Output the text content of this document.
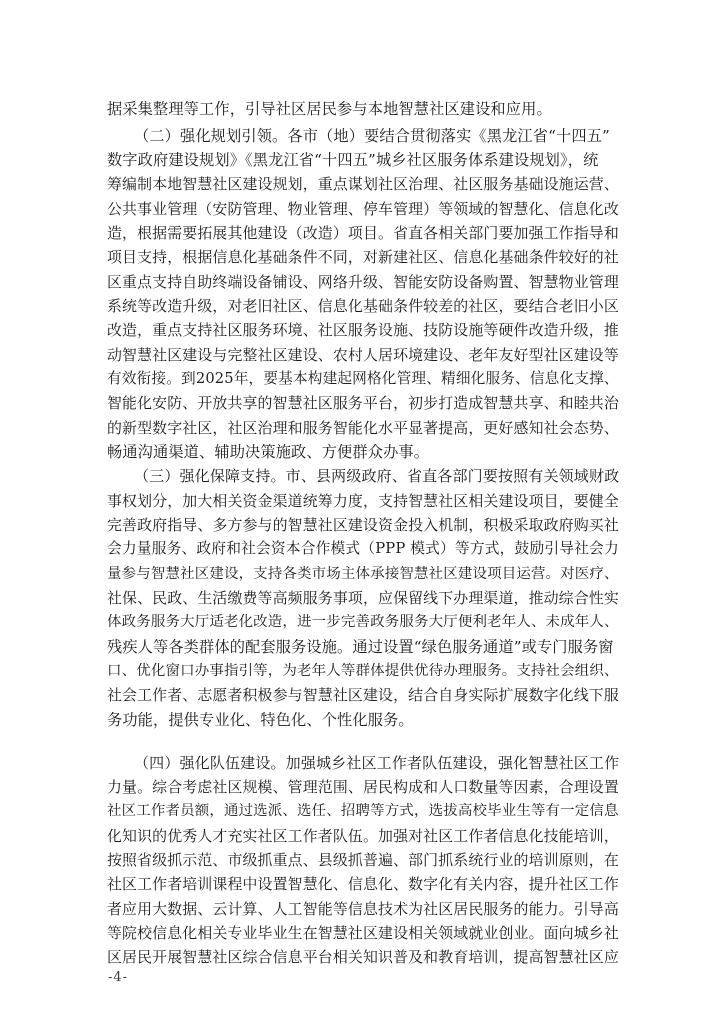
据采集整理等工作，引导社区居民参与本地智慧社区建设和应用。
（二）强化规划引领。各市（地）要结合贯彻落实《黑龙江省“十四五”
数字政府建设规划》《黑龙江省“十四五”城乡社区服务体系建设规划》，统
筹编制本地智慧社区建设规划，重点谋划社区治理、社区服务基础设施运营、
公共事业管理（安防管理、物业管理、停车管理）等领域的智慧化、信息化改
造，根据需要拓展其他建设（改造）项目。省直各相关部门要加强工作指导和
项目支持，根据信息化基础条件不同，对新建社区、信息化基础条件较好的社
区重点支持自助终端设备铺设、网络升级、智能安防设备购置、智慧物业管理
系统等改造升级，对老旧社区、信息化基础条件较差的社区，要结合老旧小区
改造，重点支持社区服务环境、社区服务设施、技防设施等硬件改造升级，推
动智慧社区建设与完整社区建设、农村人居环境建设、老年友好型社区建设等
有效衔接。到2025年，要基本构建起网格化管理、精细化服务、信息化支撑、
智能化安防、开放共享的智慧社区服务平台，初步打造成智慧共享、和睦共治
的新型数字社区，社区治理和服务智能化水平显著提高，更好感知社会态势、
畅通沟通渠道、辅助决策施政、方便群众办事。
（三）强化保障支持。市、县两级政府、省直各部门要按照有关领域财政
事权划分，加大相关资金渠道统筹力度，支持智慧社区相关建设项目，要健全
完善政府指导、多方参与的智慧社区建设资金投入机制，积极采取政府购买社
会力量服务、政府和社会资本合作模式（PPP 模式）等方式，鼓励引导社会力
量参与智慧社区建设，支持各类市场主体承接智慧社区建设项目运营。对医疗、
社保、民政、生活缴费等高频服务事项，应保留线下办理渠道，推动综合性实
体政务服务大厅适老化改造，进一步完善政务服务大厅便利老年人、未成年人、
残疾人等各类群体的配套服务设施。通过设置“绿色服务通道”或专门服务窗
口、优化窗口办事指引等，为老年人等群体提供优待办理服务。支持社会组织、
社会工作者、志愿者积极参与智慧社区建设，结合自身实际扩展数字化线下服
务功能，提供专业化、特色化、个性化服务。
（四）强化队伍建设。加强城乡社区工作者队伍建设，强化智慧社区工作
力量。综合考虑社区规模、管理范围、居民构成和人口数量等因素，合理设置
社区工作者员额，通过选派、选任、招聘等方式，选拔高校毕业生等有一定信息
化知识的优秀人才充实社区工作者队伍。加强对社区工作者信息化技能培训，
按照省级抓示范、市级抓重点、县级抓普遍、部门抓系统行业的培训原则，在
社区工作者培训课程中设置智慧化、信息化、数字化有关内容，提升社区工作
者应用大数据、云计算、人工智能等信息技术为社区居民服务的能力。引导高
等院校信息化相关专业毕业生在智慧社区建设相关领域就业创业。面向城乡社
区居民开展智慧社区综合信息平台相关知识普及和教育培训，提高智慧社区应
-4-
